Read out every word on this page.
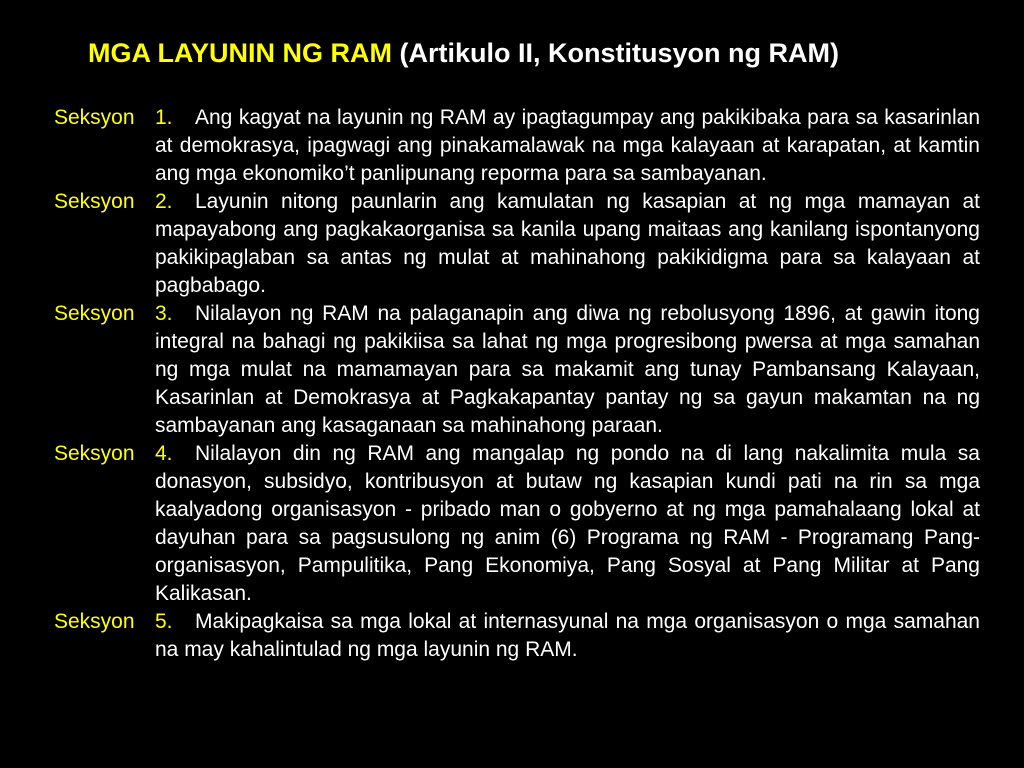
MGA LAYUNIN NG RAM (Artikulo II, Konstitusyon ng RAM)
Seksyon 1.	Ang kagyat na layunin ng RAM ay ipagtagumpay ang pakikibaka para sa kasarinlan at demokrasya, ipagwagi ang pinakamalawak na mga kalayaan at karapatan, at kamtin ang mga ekonomiko’t panlipunang reporma para sa sambayanan.
Seksyon 2.	Layunin nitong paunlarin ang kamulatan ng kasapian at ng mga mamayan at mapayabong ang pagkakaorganisa sa kanila upang maitaas ang kanilang ispontanyong pakikipaglaban sa antas ng mulat at mahinahong pakikidigma para sa kalayaan at pagbabago.
Seksyon 3.	Nilalayon ng RAM na palaganapin ang diwa ng rebolusyong 1896, at gawin itong integral na bahagi ng pakikiisa sa lahat ng mga progresibong pwersa at mga samahan ng mga mulat na mamamayan para sa makamit ang tunay Pambansang Kalayaan, Kasarinlan at Demokrasya at Pagkakapantay pantay ng sa gayun makamtan na ng sambayanan ang kasaganaan sa mahinahong paraan.
Seksyon 4.	Nilalayon din ng RAM ang mangalap ng pondo na di lang nakalimita mula sa donasyon, subsidyo, kontribusyon at butaw ng kasapian kundi pati na rin sa mga kaalyadong organisasyon - pribado man o gobyerno at ng mga pamahalaang lokal at dayuhan para sa pagsusulong ng anim (6) Programa ng RAM - Programang Pang-organisasyon, Pampulitika, Pang Ekonomiya, Pang Sosyal at Pang Militar at Pang Kalikasan.
Seksyon 5.	Makipagkaisa sa mga lokal at internasyunal na mga organisasyon o mga samahan na may kahalintulad ng mga layunin ng RAM.
